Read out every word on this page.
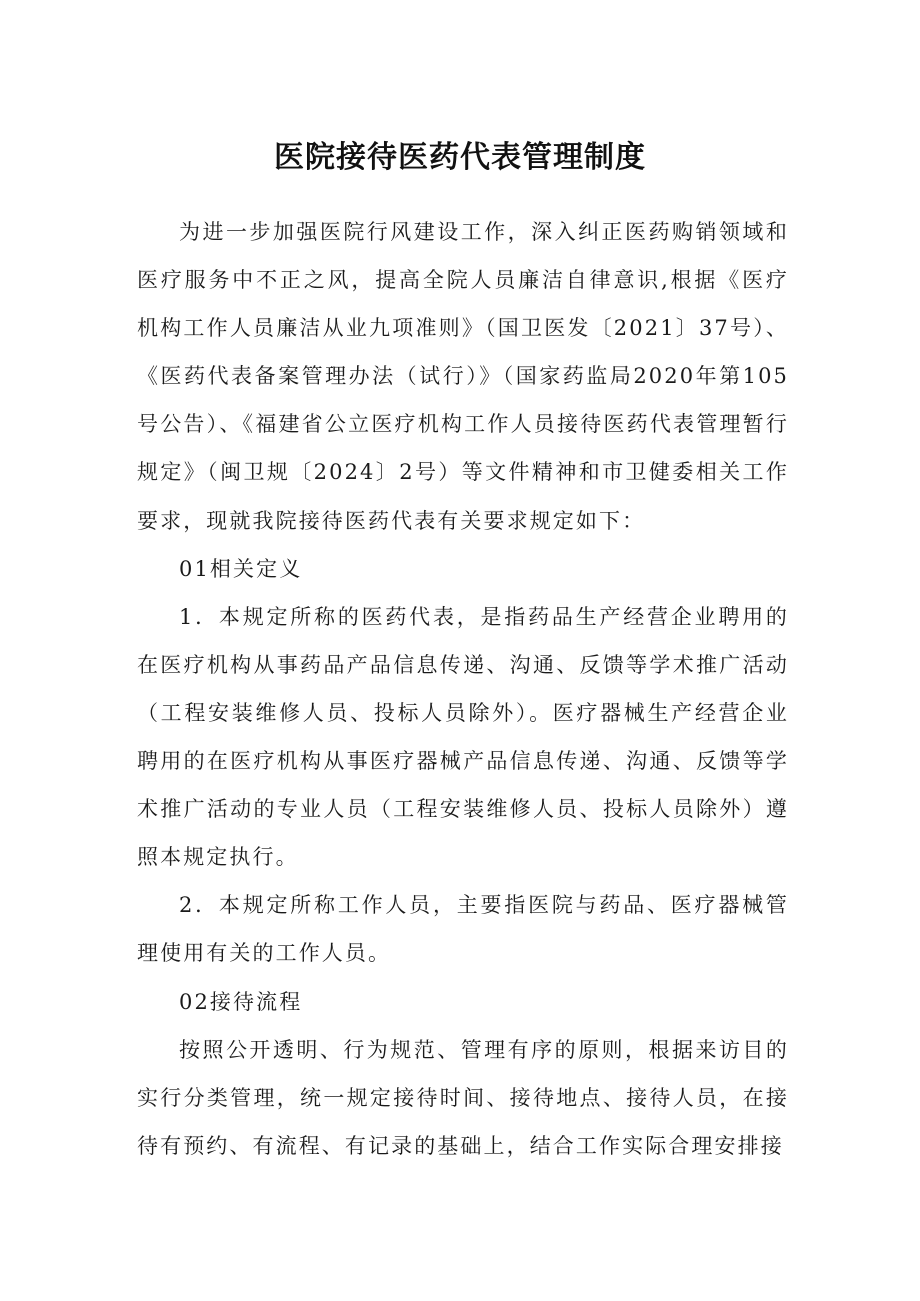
医院接待医药代表管理制度

为进一步加强医院行风建设工作，深入纠正医药购销领域和医疗服务中不正之风，提高全院人员廉洁自律意识,根据《医疗机构工作人员廉洁从业九项准则》（国卫医发〔2021〕37号）、《医药代表备案管理办法（试行）》（国家药监局2020年第105号公告）、《福建省公立医疗机构工作人员接待医药代表管理暂行规定》（闽卫规〔2024〕2号）等文件精神和市卫健委相关工作要求，现就我院接待医药代表有关要求规定如下：

01相关定义

1．本规定所称的医药代表，是指药品生产经营企业聘用的在医疗机构从事药品产品信息传递、沟通、反馈等学术推广活动（工程安装维修人员、投标人员除外）。医疗器械生产经营企业聘用的在医疗机构从事医疗器械产品信息传递、沟通、反馈等学术推广活动的专业人员（工程安装维修人员、投标人员除外）遵照本规定执行。

2．本规定所称工作人员，主要指医院与药品、医疗器械管理使用有关的工作人员。

02接待流程

按照公开透明、行为规范、管理有序的原则，根据来访目的实行分类管理，统一规定接待时间、接待地点、接待人员，在接待有预约、有流程、有记录的基础上，结合工作实际合理安排接
